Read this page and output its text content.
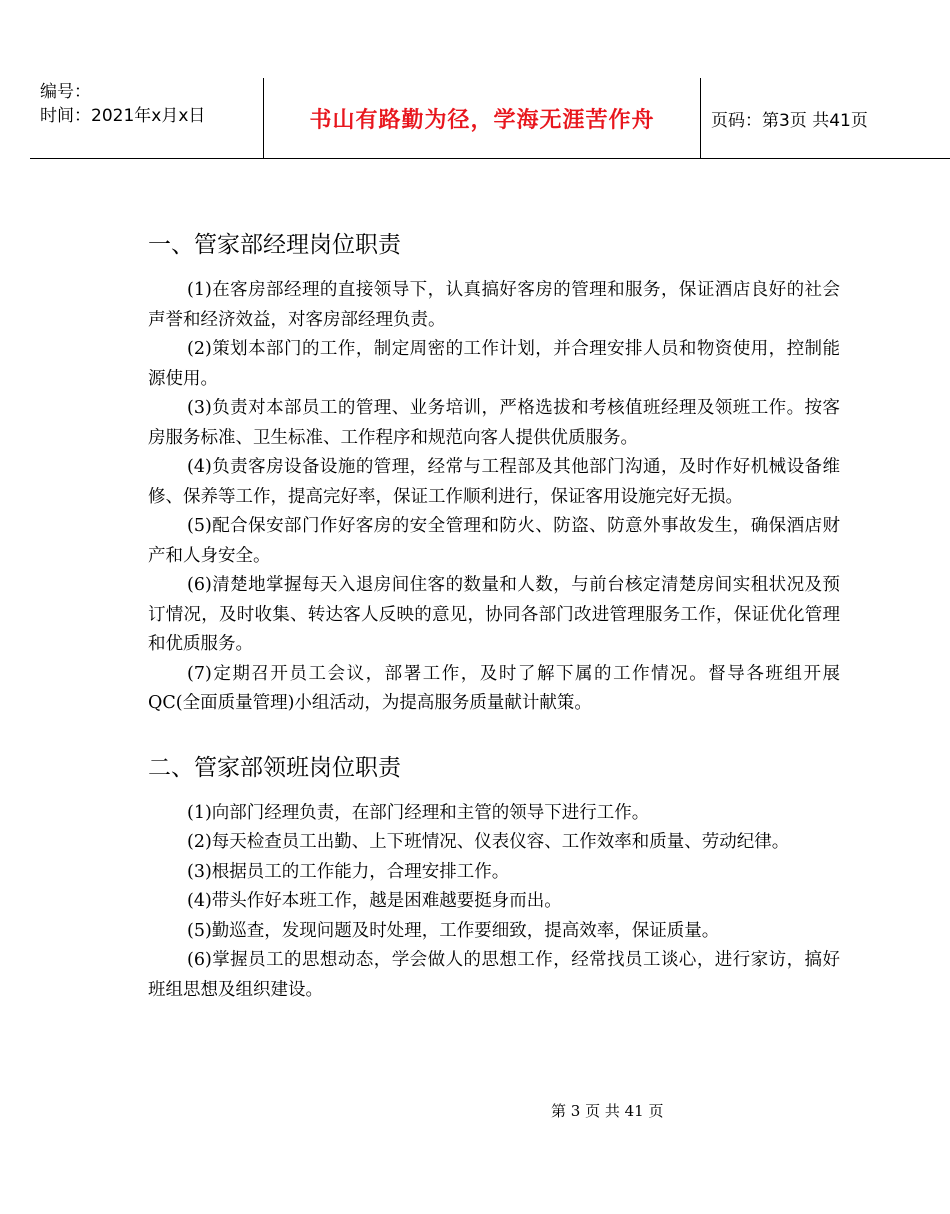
编号：
时间：2021年x月x日	书山有路勤为径，学海无涯苦作舟	页码：第3页 共41页
一、管家部经理岗位职责

(1)在客房部经理的直接领导下，认真搞好客房的管理和服务，保证酒店良好的社会声誉和经济效益，对客房部经理负责。

(2)策划本部门的工作，制定周密的工作计划，并合理安排人员和物资使用，控制能源使用。

(3)负责对本部员工的管理、业务培训，严格选拔和考核值班经理及领班工作。按客房服务标准、卫生标准、工作程序和规范向客人提供优质服务。

(4)负责客房设备设施的管理，经常与工程部及其他部门沟通，及时作好机械设备维修、保养等工作，提高完好率，保证工作顺利进行，保证客用设施完好无损。

(5)配合保安部门作好客房的安全管理和防火、防盗、防意外事故发生，确保酒店财产和人身安全。

(6)清楚地掌握每天入退房间住客的数量和人数，与前台核定清楚房间实租状况及预订情况，及时收集、转达客人反映的意见，协同各部门改进管理服务工作，保证优化管理和优质服务。

(7)定期召开员工会议，部署工作，及时了解下属的工作情况。督导各班组开展QC(全面质量管理)小组活动，为提高服务质量献计献策。

二、管家部领班岗位职责

(1)向部门经理负责，在部门经理和主管的领导下进行工作。

(2)每天检查员工出勤、上下班情况、仪表仪容、工作效率和质量、劳动纪律。

(3)根据员工的工作能力，合理安排工作。

(4)带头作好本班工作，越是困难越要挺身而出。

(5)勤巡查，发现问题及时处理，工作要细致，提高效率，保证质量。

(6)掌握员工的思想动态，学会做人的思想工作，经常找员工谈心，进行家访，搞好班组思想及组织建设。

第 3 页 共 41 页
